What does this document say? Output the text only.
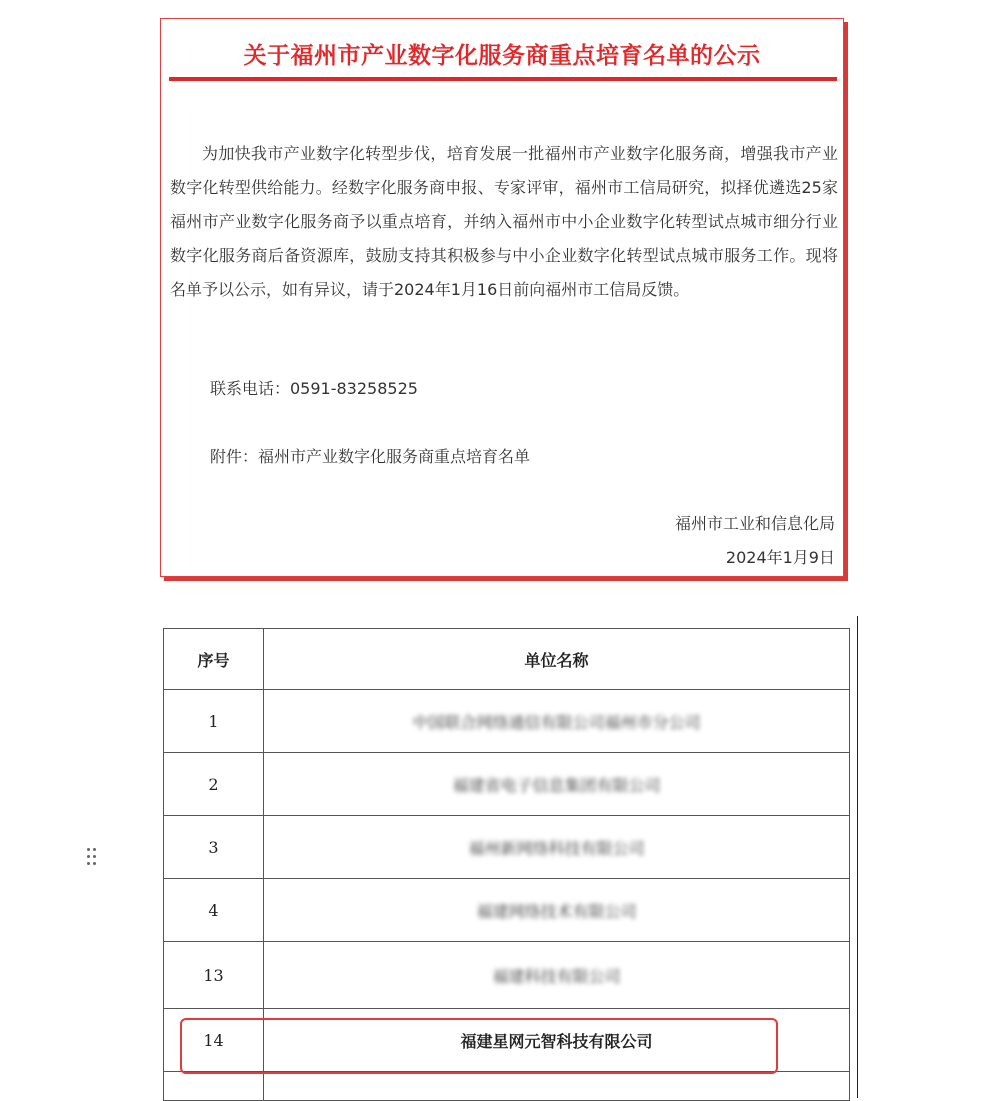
关于福州市产业数字化服务商重点培育名单的公示
为加快我市产业数字化转型步伐，培育发展一批福州市产业数字化服务商，增强我市产业数字化转型供给能力。经数字化服务商申报、专家评审，福州市工信局研究，拟择优遴选25家福州市产业数字化服务商予以重点培育，并纳入福州市中小企业数字化转型试点城市细分行业数字化服务商后备资源库，鼓励支持其积极参与中小企业数字化转型试点城市服务工作。现将名单予以公示，如有异议，请于2024年1月16日前向福州市工信局反馈。
联系电话：0591-83258525
附件：福州市产业数字化服务商重点培育名单
福州市工业和信息化局
2024年1月9日
序号	单位名称
1	中国联合网络通信有限公司福州市分公司
2	福建省电子信息集团有限公司
3	福州新网络科技有限公司
4	福建网络技术有限公司
13	福建科技有限公司
14	福建星网元智科技有限公司
